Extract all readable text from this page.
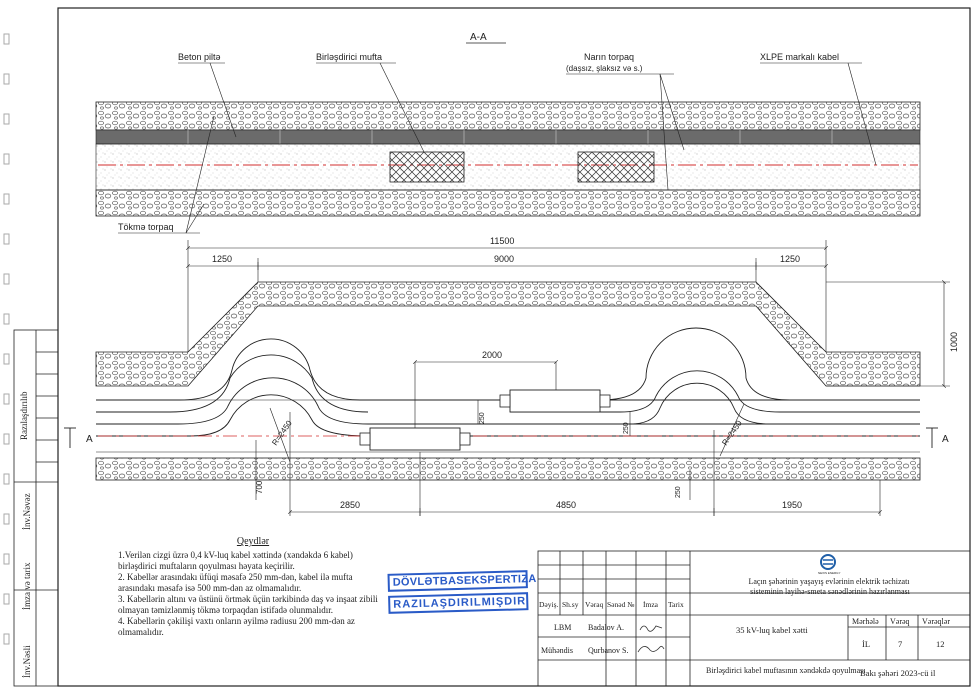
Razılaşdırılıb
İnv.Nəvəz
İmza və tarix
İnv.Nəsli
A-A
Beton piltə	Birləşdirici mufta	Narın torpaq
(daşsız, şlaksız və s.)
XLPE markalı kabel
Tökmə torpaq
A	A
11500
1250	9000	1250
1000
2000
250
250
250
R=2450	R=2450
700
2850	4850	1950
Dəyiş. Sh.sy Vəraq Sənəd № İmza Tarix
LBM Badalov A.
Mühəndis Qurbanov S.
NEXIS ENERGY
Laçın şəhərinin yaşayış evlərinin elektrik təchizatı sisteminin layihə-smeta sənədlərinin hazırlanması
35 kV-luq kabel xətti
Birləşdirici kabel muftasının xəndəkdə qoyulması
Mərhələ Vərəq Vərəqlər
İL	7	12
Bakı şəhəri 2023-cü il
Qeydlər

1.Verilən cizgi üzrə 0,4 kV-luq kabel xəttində (xəndəkdə 6 kabel) birləşdirici muftaların qoyulması həyata keçirilir.

2. Kabellər arasındakı üfüqi məsafə 250 mm-dən, kabel ilə mufta arasındakı məsafə isə 500 mm-dən az olmamalıdır.

3. Kabellərin altını və üstünü örtmək üçün tərkibində daş və inşaat zibili olmayan təmizlənmiş tökmə torpaqdan istifadə olunmalıdır.

4. Kabellərin çəkilişi vaxtı onların əyilmə radiusu 200 mm-dən az olmamalıdır.

DÖVLƏTBASEKSPERTIZA
RAZILAŞDIRILMIŞDIR
